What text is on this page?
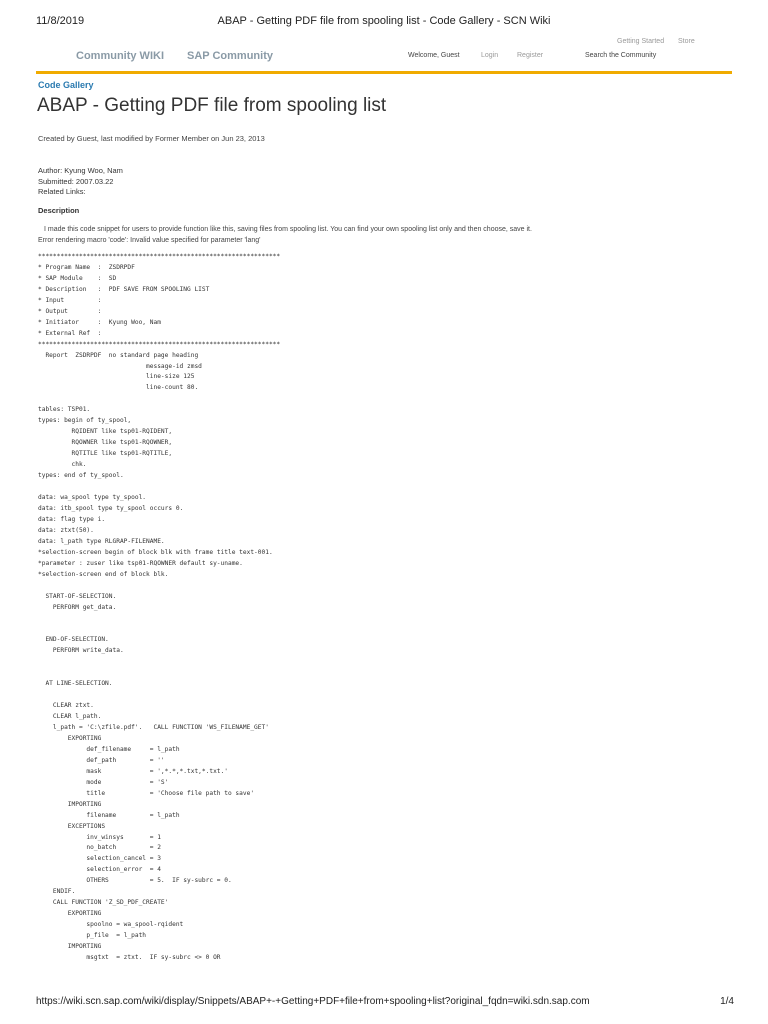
11/8/2019	ABAP - Getting PDF file from spooling list - Code Gallery - SCN Wiki
Getting Started Store
Community WIKI SAP Community	Welcome, Guest	Login	Register	Search the Community
Code Gallery
ABAP - Getting PDF file from spooling list
Created by Guest, last modified by Former Member on Jun 23, 2013
Author: Kyung Woo, Nam
Submitted: 2007.03.22
Related Links:
Description
I made this code snippet for users to provide function like this, saving files from spooling list. You can find your own spooling list only and then choose, save it.
Error rendering macro 'code': Invalid value specified for parameter 'lang'
*****************************************************************
* Program Name  :  ZSDRPDF
* SAP Module    :  SD
* Description   :  PDF SAVE FROM SPOOLING LIST
* Input         :
* Output        :
* Initiator     :  Kyung Woo, Nam
* External Ref  :
*****************************************************************
Report  ZSDRPDF  no standard page heading
message-id zmsd
line-size 125
line-count 80.

tables: TSP01.
types: begin of ty_spool,
RQIDENT like tsp01-RQIDENT,
RQOWNER like tsp01-RQOWNER,
RQTITLE like tsp01-RQTITLE,
chk.
types: end of ty_spool.

data: wa_spool type ty_spool.
data: itb_spool type ty_spool occurs 0.
data: flag type i.
data: ztxt(50).
data: l_path type RLGRAP-FILENAME.
*selection-screen begin of block blk with frame title text-001.
*parameter : zuser like tsp01-RQOWNER default sy-uname.
*selection-screen end of block blk.

START-OF-SELECTION.
PERFORM get_data.

END-OF-SELECTION.
PERFORM write_data.

AT LINE-SELECTION.

CLEAR ztxt.
CLEAR l_path.
l_path = 'C:\zfile.pdf'.   CALL FUNCTION 'WS_FILENAME_GET'
EXPORTING
def_filename     = l_path
def_path         = ''
mask             = ',*.*,*.txt,*.txt.'
mode             = 'S'
title            = 'Choose file path to save'
IMPORTING
filename         = l_path
EXCEPTIONS
inv_winsys       = 1
no_batch         = 2
selection_cancel = 3
selection_error  = 4
OTHERS           = 5.  IF sy-subrc = 0.
ENDIF.
CALL FUNCTION 'Z_SD_PDF_CREATE'
EXPORTING
spoolno = wa_spool-rqident
p_file  = l_path
IMPORTING
msgtxt  = ztxt.  IF sy-subrc <> 0 OR
https://wiki.scn.sap.com/wiki/display/Snippets/ABAP+-+Getting+PDF+file+from+spooling+list?original_fqdn=wiki.sdn.sap.com	1/4
